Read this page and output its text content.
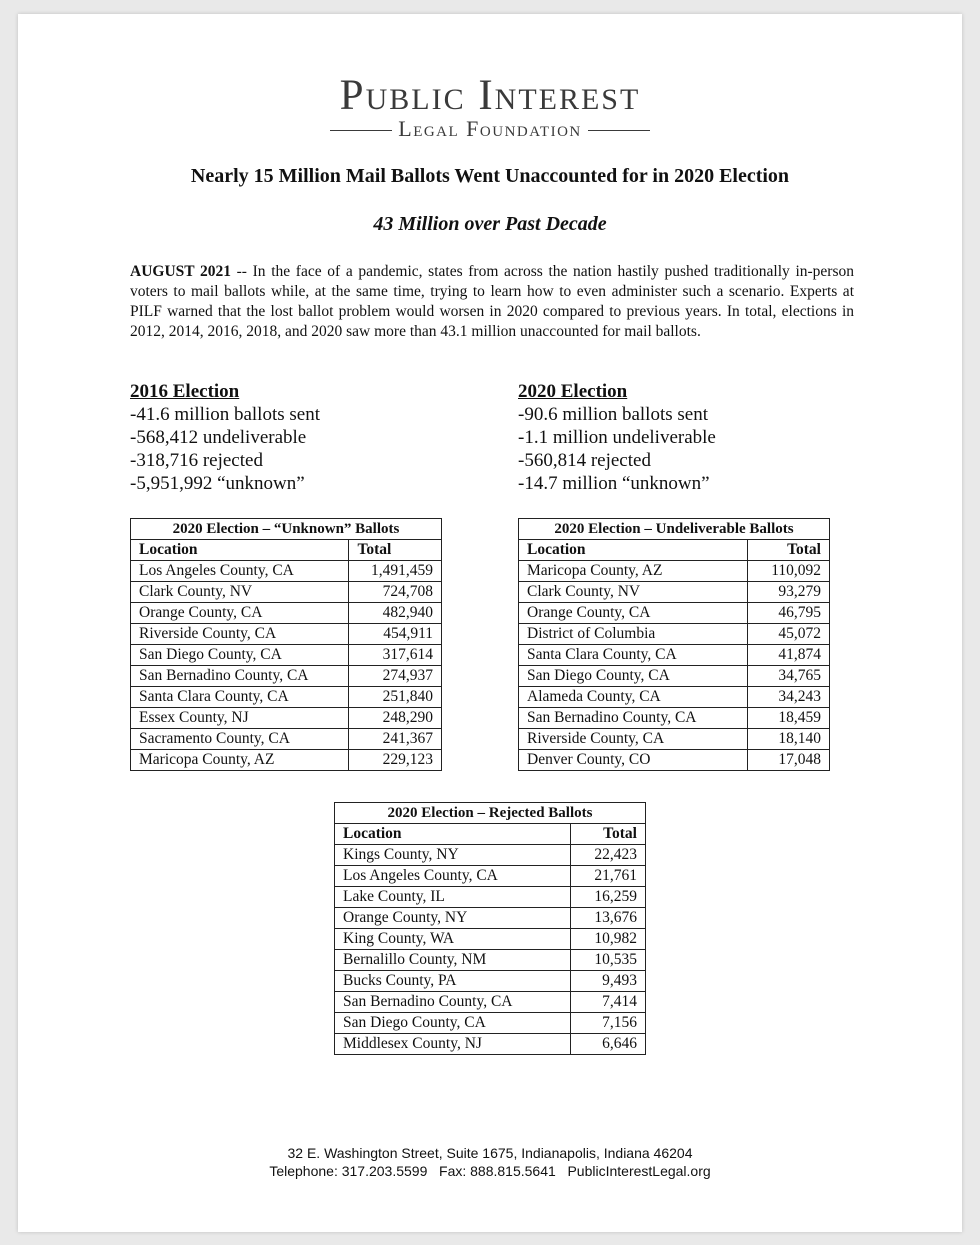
Public Interest
Legal Foundation
Nearly 15 Million Mail Ballots Went Unaccounted for in 2020 Election
43 Million over Past Decade
AUGUST 2021 -- In the face of a pandemic, states from across the nation hastily pushed traditionally in-person voters to mail ballots while, at the same time, trying to learn how to even administer such a scenario. Experts at PILF warned that the lost ballot problem would worsen in 2020 compared to previous years. In total, elections in 2012, 2014, 2016, 2018, and 2020 saw more than 43.1 million unaccounted for mail ballots.
2016 Election
-41.6 million ballots sent
-568,412 undeliverable
-318,716 rejected
-5,951,992 “unknown”
2020 Election
-90.6 million ballots sent
-1.1 million undeliverable
-560,814 rejected
-14.7 million “unknown”
2020 Election – “Unknown” Ballots	
Location	Total
Los Angeles County, CA	1,491,459
Clark County, NV	724,708
Orange County, CA	482,940
Riverside County, CA	454,911
San Diego County, CA	317,614
San Bernadino County, CA	274,937
Santa Clara County, CA	251,840
Essex County, NJ	248,290
Sacramento County, CA	241,367
Maricopa County, AZ	229,123
2020 Election – Undeliverable Ballots	
Location	Total
Maricopa County, AZ	110,092
Clark County, NV	93,279
Orange County, CA	46,795
District of Columbia	45,072
Santa Clara County, CA	41,874
San Diego County, CA	34,765
Alameda County, CA	34,243
San Bernadino County, CA	18,459
Riverside County, CA	18,140
Denver County, CO	17,048
2020 Election – Rejected Ballots	
Location	Total
Kings County, NY	22,423
Los Angeles County, CA	21,761
Lake County, IL	16,259
Orange County, NY	13,676
King County, WA	10,982
Bernalillo County, NM	10,535
Bucks County, PA	9,493
San Bernadino County, CA	7,414
San Diego County, CA	7,156
Middlesex County, NJ	6,646
32 E. Washington Street, Suite 1675, Indianapolis, Indiana 46204
Telephone: 317.203.5599   Fax: 888.815.5641   PublicInterestLegal.org
